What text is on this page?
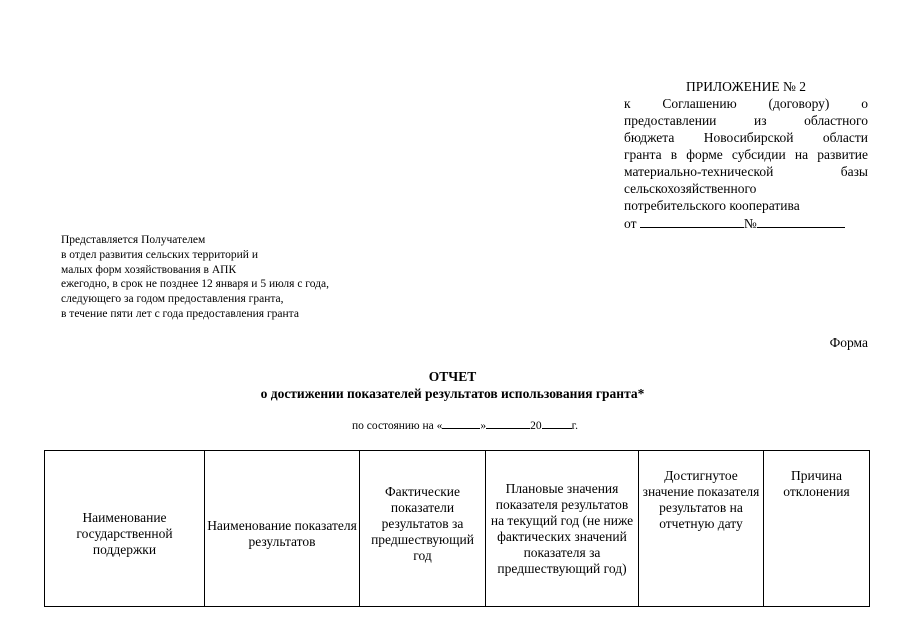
ПРИЛОЖЕНИЕ № 2
к Соглашению (договору) о
предоставлении из областного
бюджета Новосибирской области
гранта в форме субсидии на развитие
материально-технической базы
сельскохозяйственного
потребительского кооператива
от	№
Представляется Получателем
в отдел развития сельских территорий и
малых форм хозяйствования в АПК
ежегодно, в срок не позднее 12 января и 5 июля с года,
следующего за годом предоставления гранта,
в течение пяти лет с года предоставления гранта
Форма
ОТЧЕТ
о достижении показателей результатов использования гранта*
по состоянию на «	»	20	г.
Наименование государственной поддержки	Наименование показателя результатов	Фактические показатели результатов за предшествующий год	Плановые значения показателя результатов на текущий год (не ниже фактических значений показателя за предшествующий год)	Достигнутое значение показателя результатов на отчетную дату	Причина отклонения
